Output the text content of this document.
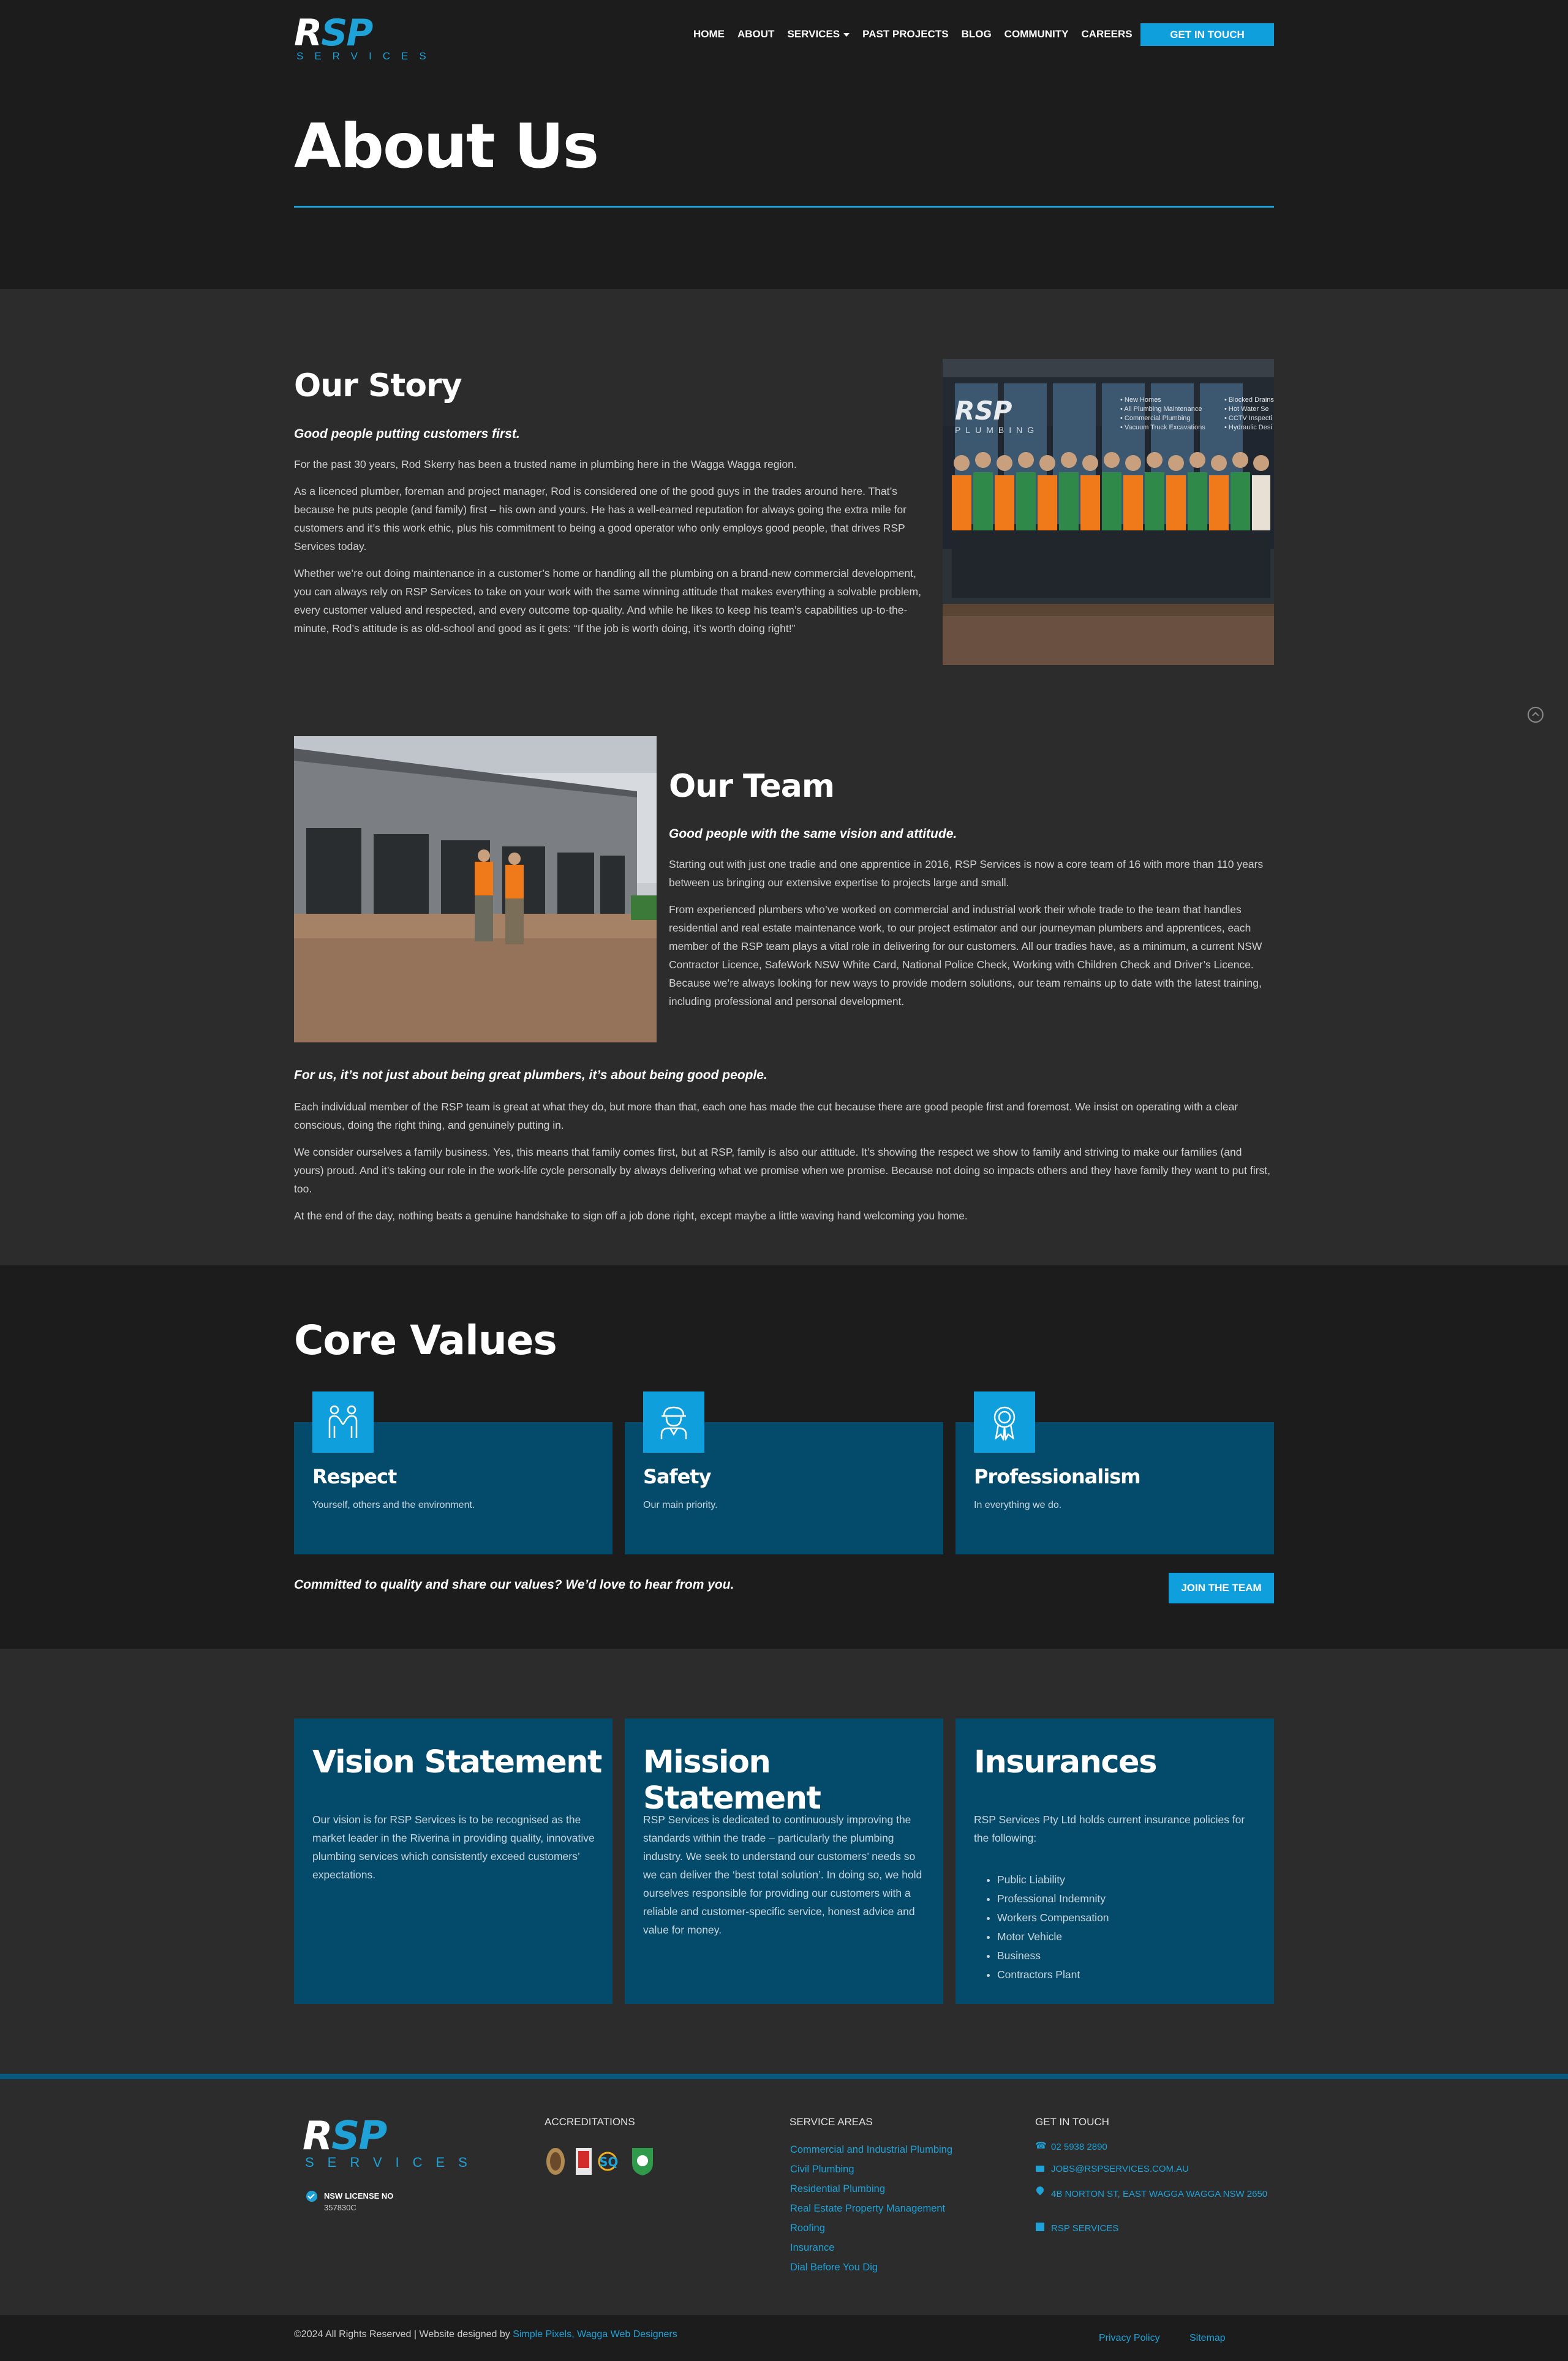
RSP
SERVICES
HOME ABOUT SERVICES	PAST PROJECTS BLOG COMMUNITY CAREERS	GET IN TOUCH
About Us
Our Story
Good people putting customers first.

For the past 30 years, Rod Skerry has been a trusted name in plumbing here in the Wagga Wagga region.

As a licenced plumber, foreman and project manager, Rod is considered one of the good guys in the trades around here. That’s because he puts people (and family) first – his own and yours. He has a well-earned reputation for always going the extra mile for customers and it’s this work ethic, plus his commitment to being a good operator who only employs good people, that drives RSP Services today.

Whether we’re out doing maintenance in a customer’s home or handling all the plumbing on a brand-new commercial development, you can always rely on RSP Services to take on your work with the same winning attitude that makes everything a solvable problem, every customer valued and respected, and every outcome top-quality. And while he likes to keep his team’s capabilities up-to-the-minute, Rod’s attitude is as old-school and good as it gets: “If the job is worth doing, it’s worth doing right!”

RSP
PLUMBING
• New Homes
• All Plumbing Maintenance
• Commercial Plumbing
• Vacuum Truck Excavations
• Blocked Drains
• Hot Water Se
• CCTV Inspecti
• Hydraulic Desi
Our Team
Good people with the same vision and attitude.

Starting out with just one tradie and one apprentice in 2016, RSP Services is now a core team of 16 with more than 110 years between us bringing our extensive expertise to projects large and small.

From experienced plumbers who’ve worked on commercial and industrial work their whole trade to the team that handles residential and real estate maintenance work, to our project estimator and our journeyman plumbers and apprentices, each member of the RSP team plays a vital role in delivering for our customers. All our tradies have, as a minimum, a current NSW Contractor Licence, SafeWork NSW White Card, National Police Check, Working with Children Check and Driver’s Licence. Because we’re always looking for new ways to provide modern solutions, our team remains up to date with the latest training, including professional and personal development.

For us, it’s not just about being great plumbers, it’s about being good people.

Each individual member of the RSP team is great at what they do, but more than that, each one has made the cut because there are good people first and foremost. We insist on operating with a clear conscious, doing the right thing, and genuinely putting in.

We consider ourselves a family business. Yes, this means that family comes first, but at RSP, family is also our attitude. It’s showing the respect we show to family and striving to make our families (and yours) proud. And it’s taking our role in the work-life cycle personally by always delivering what we promise when we promise. Because not doing so impacts others and they have family they want to put first, too.

At the end of the day, nothing beats a genuine handshake to sign off a job done right, except maybe a little waving hand welcoming you home.

Core Values
Respect
Yourself, others and the environment.
Safety
Our main priority.
Professionalism
In everything we do.
Committed to quality and share our values? We’d love to hear from you.	JOIN THE TEAM
Vision Statement

Our vision is for RSP Services is to be recognised as the market leader in the Riverina in providing quality, innovative plumbing services which consistently exceed customers’ expectations.

Mission Statement

RSP Services is dedicated to continuously improving the standards within the trade – particularly the plumbing industry. We seek to understand our customers’ needs so we can deliver the ‘best total solution’. In doing so, we hold ourselves responsible for providing our customers with a reliable and customer-specific service, honest advice and value for money.

Insurances

RSP Services Pty Ltd holds current insurance policies for the following:

• Public Liability
• Professional Indemnity
• Workers Compensation
• Motor Vehicle
• Business
• Contractors Plant
RSP
SERVICES
NSW LICENSE NO
357830C
ACCREDITATIONS
SQ
SERVICE AREAS
Commercial and Industrial Plumbing
Civil Plumbing
Residential Plumbing
Real Estate Property Management
Roofing
Insurance
Dial Before You Dig
GET IN TOUCH
☎ 02 5938 2890
JOBS@RSPSERVICES.COM.AU
4B NORTON ST, EAST WAGGA WAGGA NSW 2650
RSP SERVICES
©2024 All Rights Reserved | Website designed by Simple Pixels, Wagga Web Designers	Privacy Policy	Sitemap
